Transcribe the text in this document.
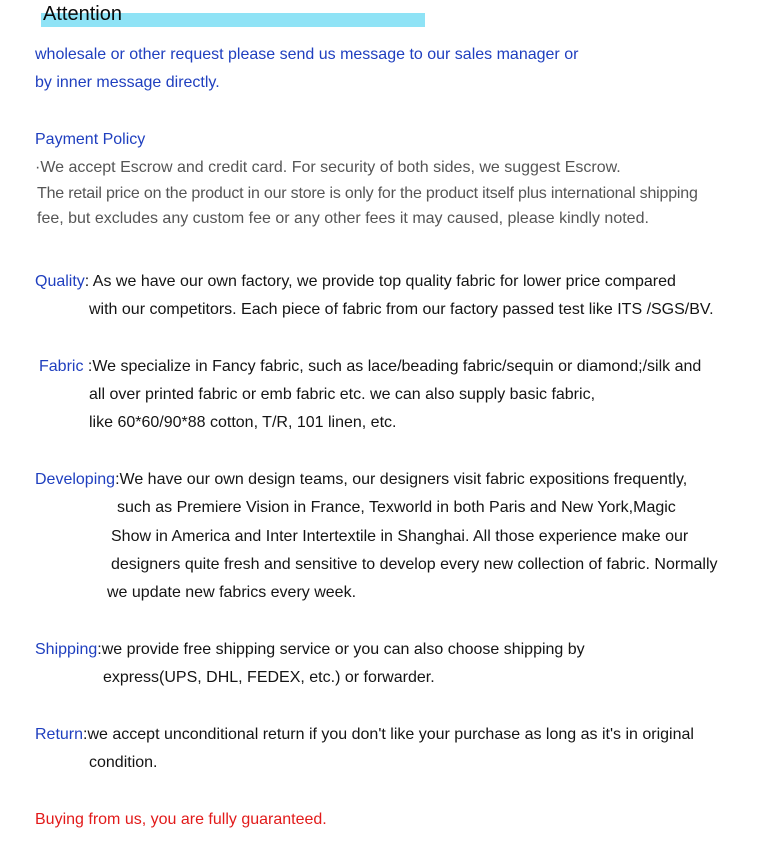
Attention
wholesale or other request please send us message to our sales manager or
by inner message directly.
Payment Policy
·We accept Escrow and credit card. For security of both sides, we suggest Escrow.
The retail price on the product in our store is only for the product itself plus international shipping
fee, but excludes any custom fee or any other fees it may caused, please kindly noted.
Quality: As we have our own factory, we provide top quality fabric for lower price compared
with our competitors. Each piece of fabric from our factory passed test like ITS /SGS/BV.
Fabric :We specialize in Fancy fabric, such as lace/beading fabric/sequin or diamond;/silk and
all over printed fabric or emb fabric etc. we can also supply basic fabric,
like 60*60/90*88 cotton, T/R, 101 linen, etc.
Developing:We have our own design teams, our designers visit fabric expositions frequently,
such as Premiere Vision in France, Texworld in both Paris and New York,Magic
Show in America and Inter Intertextile in Shanghai. All those experience make our
designers quite fresh and sensitive to develop every new collection of fabric. Normally
we update new fabrics every week.
Shipping:we provide free shipping service or you can also choose shipping by
express(UPS, DHL, FEDEX, etc.) or forwarder.
Return:we accept unconditional return if you don't like your purchase as long as it's in original
condition.
Buying from us, you are fully guaranteed.
